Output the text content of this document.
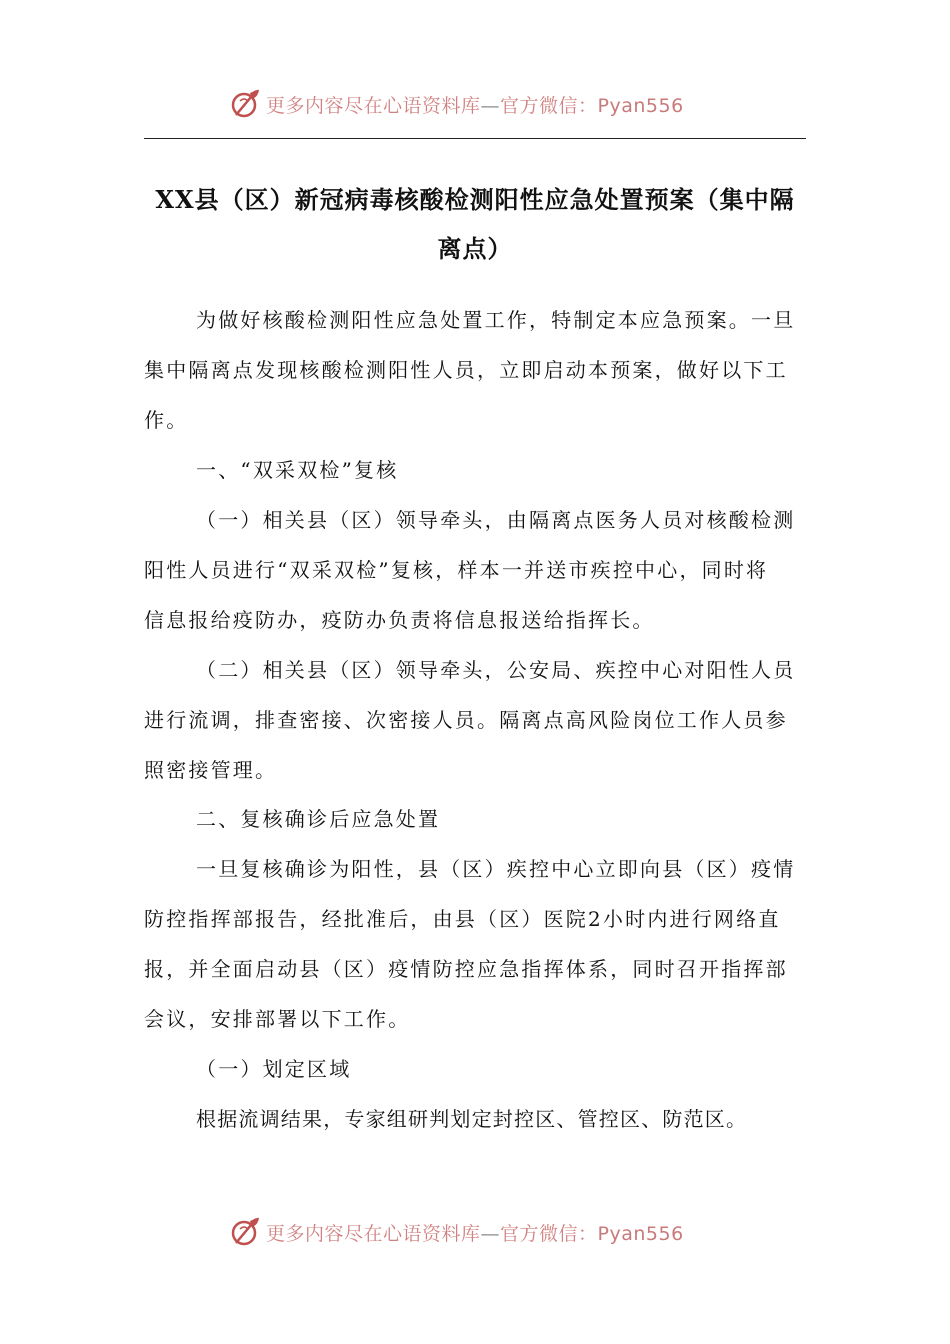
更多内容尽在心语资料库—官方微信：Pyan556
XX县（区）新冠病毒核酸检测阳性应急处置预案（集中隔
离点）
为做好核酸检测阳性应急处置工作，特制定本应急预案。一旦
集中隔离点发现核酸检测阳性人员，立即启动本预案，做好以下工
作。
一、“双采双检”复核
（一）相关县（区）领导牵头，由隔离点医务人员对核酸检测
阳性人员进行“双采双检”复核，样本一并送市疾控中心，同时将
信息报给疫防办，疫防办负责将信息报送给指挥长。
（二）相关县（区）领导牵头，公安局、疾控中心对阳性人员
进行流调，排查密接、次密接人员。隔离点高风险岗位工作人员参
照密接管理。
二、复核确诊后应急处置
一旦复核确诊为阳性，县（区）疾控中心立即向县（区）疫情
防控指挥部报告，经批准后，由县（区）医院2小时内进行网络直
报，并全面启动县（区）疫情防控应急指挥体系，同时召开指挥部
会议，安排部署以下工作。
（一）划定区域
根据流调结果，专家组研判划定封控区、管控区、防范区。
更多内容尽在心语资料库—官方微信：Pyan556
